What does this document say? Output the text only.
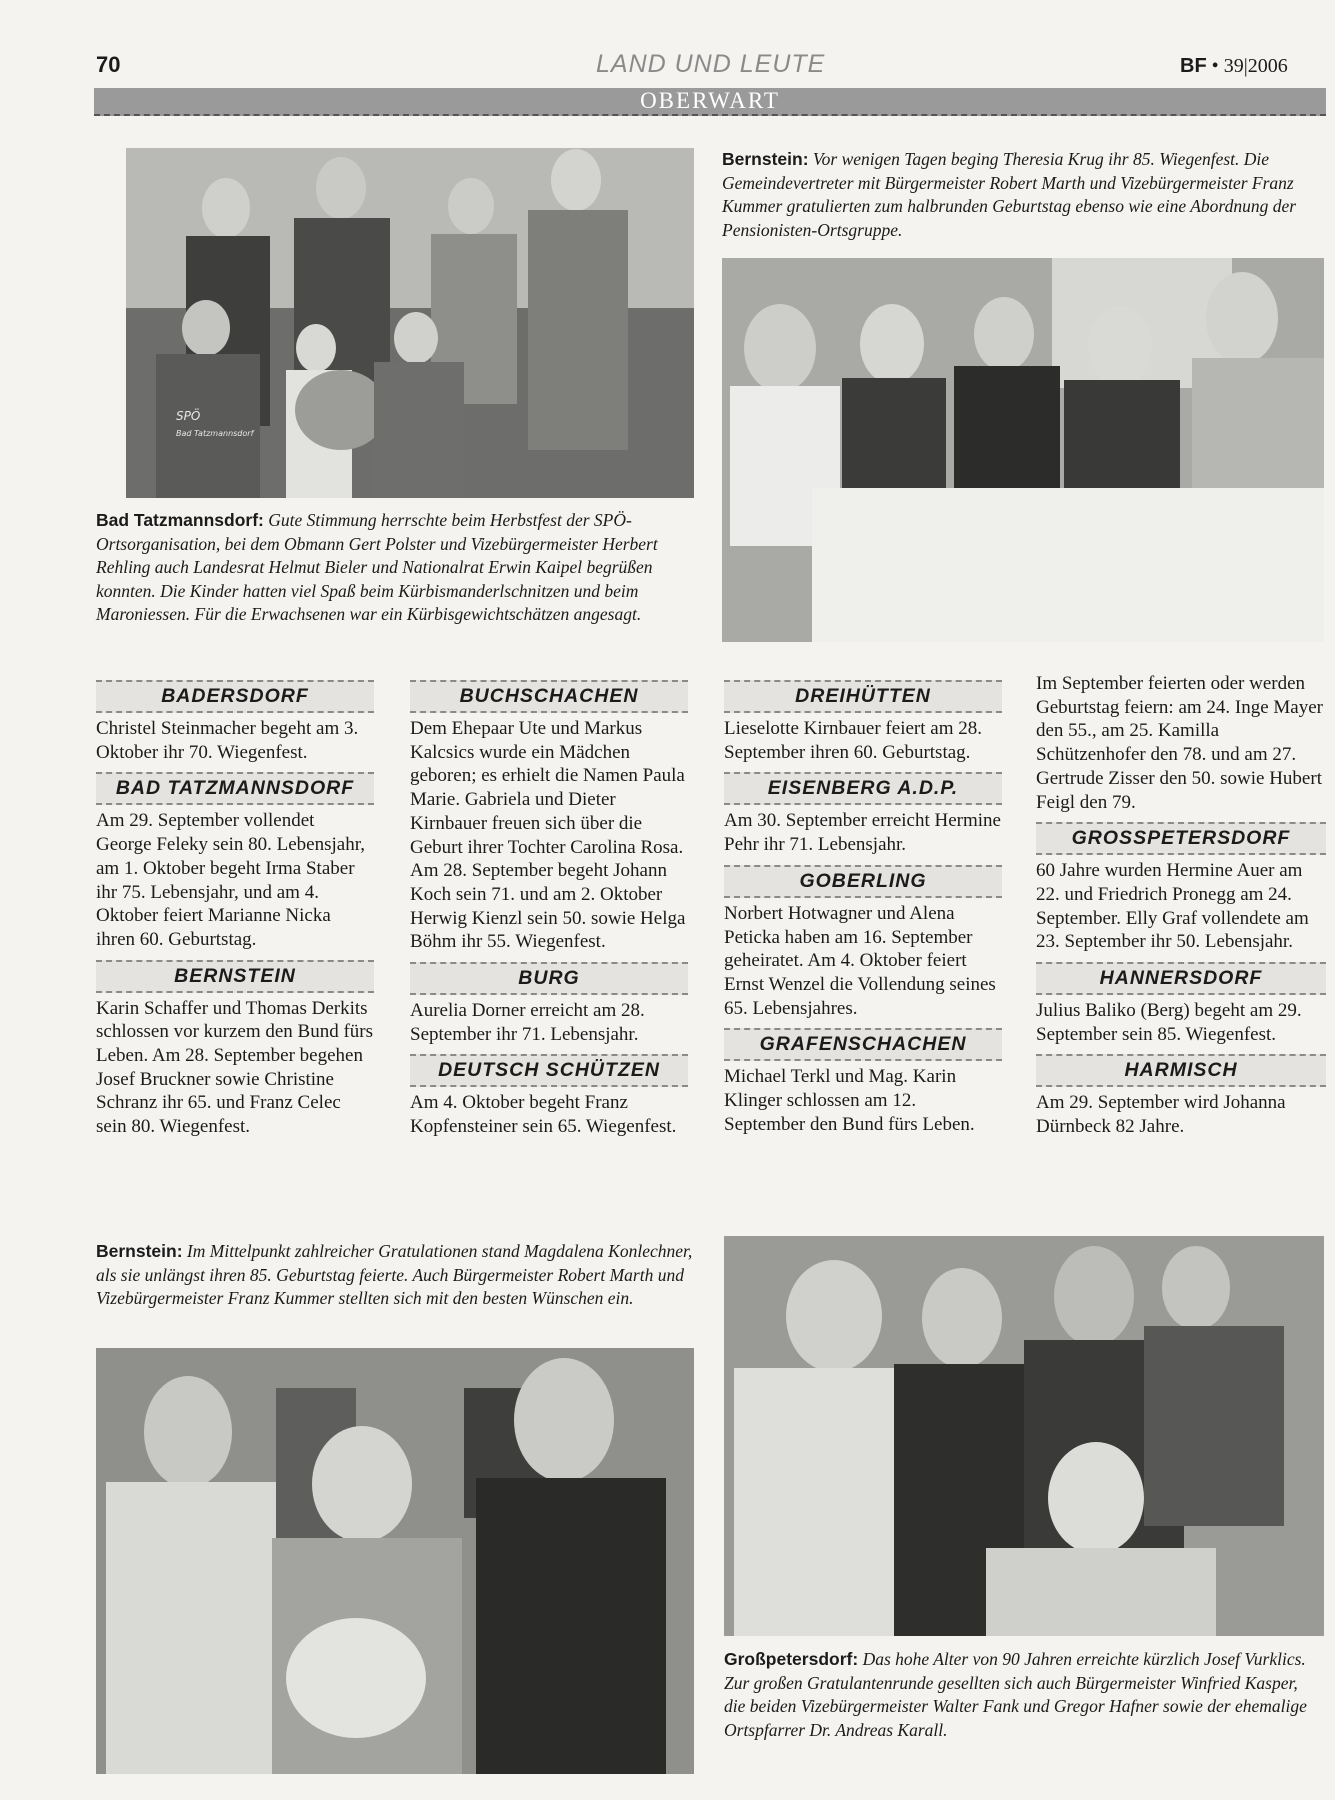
70	LAND UND LEUTE	BF • 39|2006
OBERWART
SPÖ
Bad Tatzmannsdorf
Bad Tatzmannsdorf: Gute Stimmung herrschte beim Herbstfest der SPÖ-Ortsorganisation, bei dem Obmann Gert Polster und Vizebürgermeister Herbert Rehling auch Landesrat Helmut Bieler und Nationalrat Erwin Kaipel begrüßen konnten. Die Kinder hatten viel Spaß beim Kürbismanderlschnitzen und beim Maroniessen. Für die Erwachsenen war ein Kürbisgewichtschätzen angesagt.
Bernstein: Vor wenigen Tagen beging Theresia Krug ihr 85. Wiegenfest. Die Gemeindevertreter mit Bürgermeister Robert Marth und Vizebürgermeister Franz Kummer gratulierten zum halbrunden Geburtstag ebenso wie eine Abordnung der Pensionisten-Ortsgruppe.
BADERSDORF
Christel Steinmacher begeht am 3. Oktober ihr 70. Wiegenfest.
BAD TATZMANNSDORF
Am 29. September vollendet George Feleky sein 80. Lebensjahr, am 1. Oktober begeht Irma Staber ihr 75. Lebensjahr, und am 4. Oktober feiert Marianne Nicka ihren 60. Geburtstag.
BERNSTEIN
Karin Schaffer und Thomas Derkits schlossen vor kurzem den Bund fürs Leben. Am 28. September begehen Josef Bruckner sowie Christine Schranz ihr 65. und Franz Celec sein 80. Wiegenfest.
BUCHSCHACHEN
Dem Ehepaar Ute und Markus Kalcsics wurde ein Mädchen geboren; es erhielt die Namen Paula Marie. Gabriela und Dieter Kirnbauer freuen sich über die Geburt ihrer Tochter Carolina Rosa. Am 28. September begeht Johann Koch sein 71. und am 2. Oktober Herwig Kienzl sein 50. sowie Helga Böhm ihr 55. Wiegenfest.
BURG
Aurelia Dorner erreicht am 28. September ihr 71. Lebensjahr.
DEUTSCH SCHÜTZEN
Am 4. Oktober begeht Franz Kopfensteiner sein 65. Wiegenfest.
DREIHÜTTEN
Lieselotte Kirnbauer feiert am 28. September ihren 60. Geburtstag.
EISENBERG A.D.P.
Am 30. September erreicht Hermine Pehr ihr 71. Lebensjahr.
GOBERLING
Norbert Hotwagner und Alena Peticka haben am 16. September geheiratet. Am 4. Oktober feiert Ernst Wenzel die Vollendung seines 65. Lebensjahres.
GRAFENSCHACHEN
Michael Terkl und Mag. Karin Klinger schlossen am 12. September den Bund fürs Leben.
Im September feierten oder werden Geburtstag feiern: am 24. Inge Mayer den 55., am 25. Kamilla Schützenhofer den 78. und am 27. Gertrude Zisser den 50. sowie Hubert Feigl den 79.
GROSSPETERSDORF
60 Jahre wurden Hermine Auer am 22. und Friedrich Pronegg am 24. September. Elly Graf vollendete am 23. September ihr 50. Lebensjahr.
HANNERSDORF
Julius Baliko (Berg) begeht am 29. September sein 85. Wiegenfest.
HARMISCH
Am 29. September wird Johanna Dürnbeck 82 Jahre.
Bernstein: Im Mittelpunkt zahlreicher Gratulationen stand Magdalena Konlechner, als sie unlängst ihren 85. Geburtstag feierte. Auch Bürgermeister Robert Marth und Vizebürgermeister Franz Kummer stellten sich mit den besten Wünschen ein.
Großpetersdorf: Das hohe Alter von 90 Jahren erreichte kürzlich Josef Vurklics. Zur großen Gratulantenrunde gesellten sich auch Bürgermeister Winfried Kasper, die beiden Vizebürgermeister Walter Fank und Gregor Hafner sowie der ehemalige Ortspfarrer Dr. Andreas Karall.
